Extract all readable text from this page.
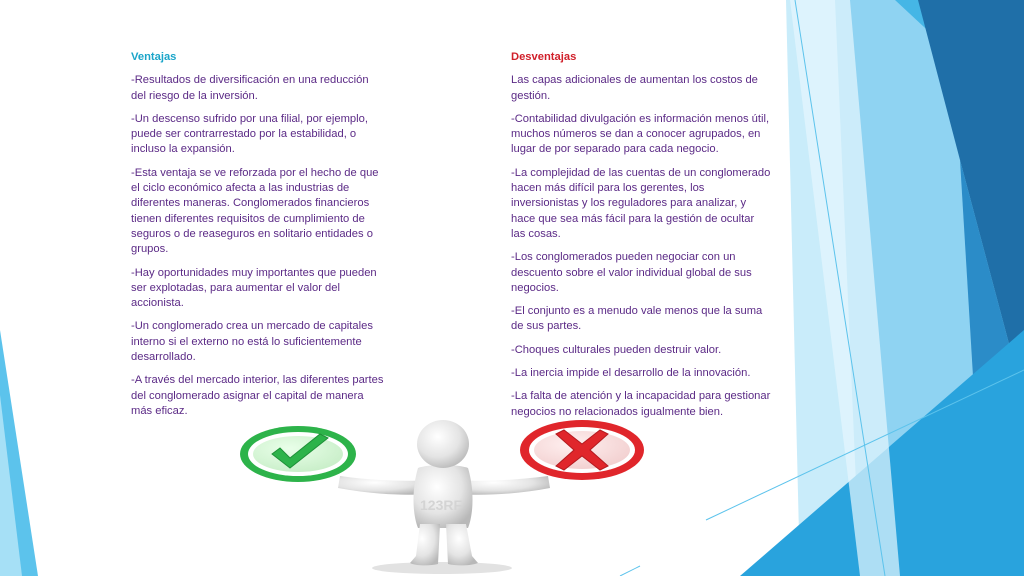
Ventajas
-Resultados de diversificación en una reducción del riesgo de la inversión.
-Un descenso sufrido por una filial, por ejemplo, puede ser contrarrestado por la estabilidad, o incluso la expansión.
-Esta ventaja se ve reforzada por el hecho de que el ciclo económico afecta a las industrias de diferentes maneras. Conglomerados financieros tienen diferentes requisitos de cumplimiento de seguros o de reaseguros en solitario entidades o grupos.
-Hay oportunidades muy importantes que pueden ser explotadas, para aumentar el valor del accionista.
-Un conglomerado crea un mercado de capitales interno si el externo no está lo suficientemente desarrollado.
-A través del mercado interior, las diferentes partes del conglomerado asignar el capital de manera más eficaz.
Desventajas
Las capas adicionales de aumentan los costos de gestión.
-Contabilidad divulgación es información menos útil, muchos números se dan a conocer agrupados, en lugar de por separado para cada negocio.
-La complejidad de las cuentas de un conglomerado hacen más difícil para los gerentes, los inversionistas y los reguladores para analizar, y hace que sea más fácil para la gestión de ocultar las cosas.
-Los conglomerados pueden negociar con un descuento sobre el valor individual global de sus negocios.
-El conjunto es a menudo vale menos que la suma de sus partes.
-Choques culturales pueden destruir valor.
-La inercia impide el desarrollo de la innovación.
-La falta de atención y la incapacidad para gestionar negocios no relacionados igualmente bien.
123RF
